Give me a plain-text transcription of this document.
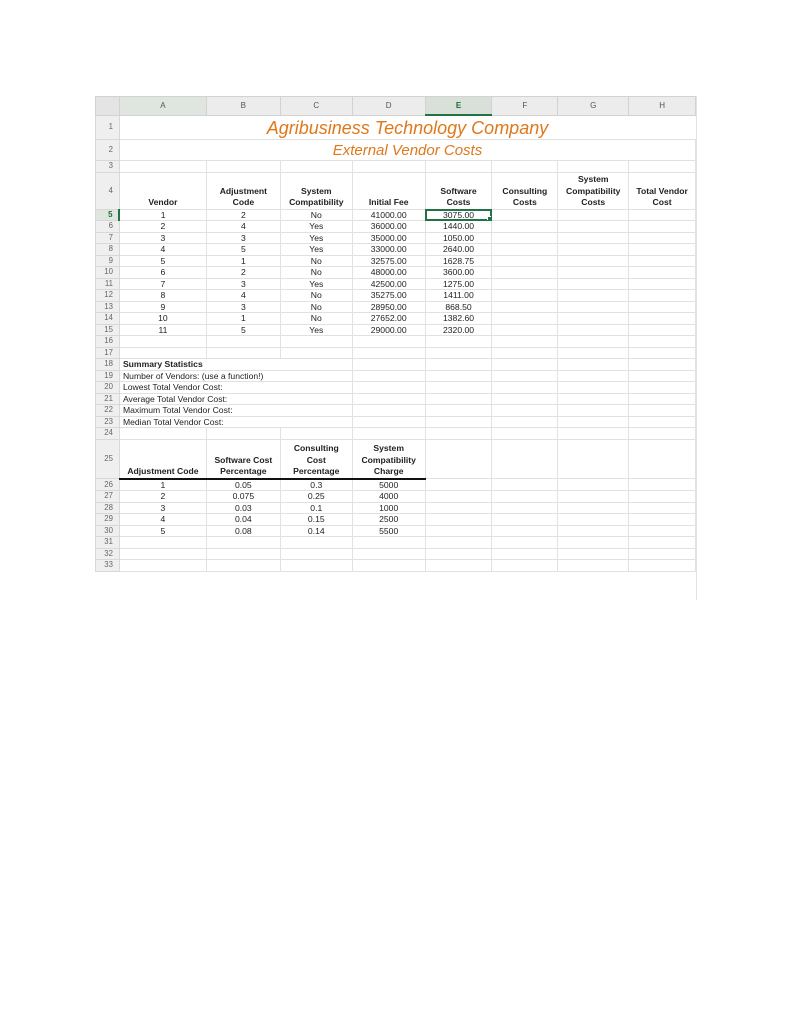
	A	B	C	D	E	F	G	H
1	Agribusiness Technology Company							
2	External Vendor Costs							
3								
4	Vendor	Adjustment Code	System Compatibility	Initial Fee	Software Costs	Consulting Costs	System Compatibility Costs	Total Vendor Cost
5	1	2	No	41000.00	3075.00

6	2	4	Yes	36000.00	1440.00			
7	3	3	Yes	35000.00	1050.00			
8	4	5	Yes	33000.00	2640.00			
9	5	1	No	32575.00	1628.75			
10	6	2	No	48000.00	3600.00			
11	7	3	Yes	42500.00	1275.00			
12	8	4	No	35275.00	1411.00			
13	9	3	No	28950.00	868.50			
14	10	1	No	27652.00	1382.60			
15	11	5	Yes	29000.00	2320.00			
16								
17								
18	Summary Statistics							
19	Number of Vendors: (use a function!)							
20	Lowest Total Vendor Cost:							
21	Average Total Vendor Cost:							
22	Maximum Total Vendor Cost:							
23	Median Total Vendor Cost:							
24								
25	Adjustment Code	Software Cost Percentage	Consulting Cost Percentage	System Compatibility Charge				
26	1	0.05	0.3	5000				
27	2	0.075	0.25	4000				
28	3	0.03	0.1	1000				
29	4	0.04	0.15	2500				
30	5	0.08	0.14	5500				
31								
32								
33								
